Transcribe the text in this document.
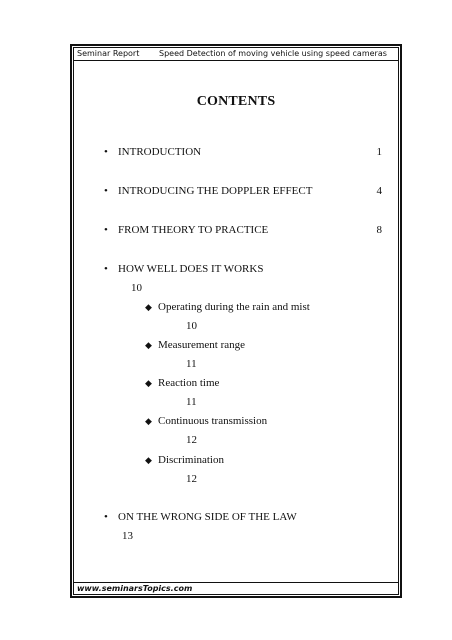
Seminar Report Speed Detection of moving vehicle using speed cameras
CONTENTS
• INTRODUCTION	1
• INTRODUCING THE DOPPLER EFFECT	4
• FROM THEORY TO PRACTICE	8
• HOW WELL DOES IT WORKS
10
◆ Operating during the rain and mist
10
◆ Measurement range
11
◆ Reaction time
11
◆ Continuous transmission
12
◆ Discrimination
12
• ON THE WRONG SIDE OF THE LAW
13
www.seminarsTopics.com
